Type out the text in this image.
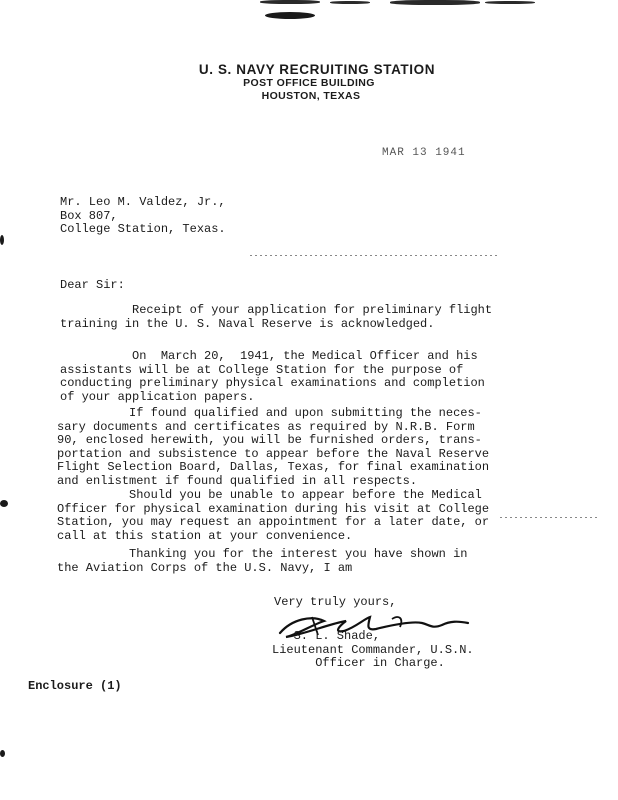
U. S. NAVY RECRUITING STATION
POST OFFICE BUILDING
HOUSTON, TEXAS
MAR 13 1941
Mr. Leo M. Valdez, Jr.,
Box 807,
College Station, Texas.
Dear Sir:
Receipt of your application for preliminary flight
training in the U. S. Naval Reserve is acknowledged.
On  March 20,  1941, the Medical Officer and his
assistants will be at College Station for the purpose of
conducting preliminary physical examinations and completion
of your application papers.
If found qualified and upon submitting the neces-
sary documents and certificates as required by N.R.B. Form
90, enclosed herewith, you will be furnished orders, trans-
portation and subsistence to appear before the Naval Reserve
Flight Selection Board, Dallas, Texas, for final examination
and enlistment if found qualified in all respects.
Should you be unable to appear before the Medical
Officer for physical examination during his visit at College
Station, you may request an appointment for a later date, or
call at this station at your convenience.
Thanking you for the interest you have shown in
the Aviation Corps of the U.S. Navy, I am
Very truly yours,
S. L. Shade,
Lieutenant Commander, U.S.N.
Officer in Charge.
Enclosure (1)
